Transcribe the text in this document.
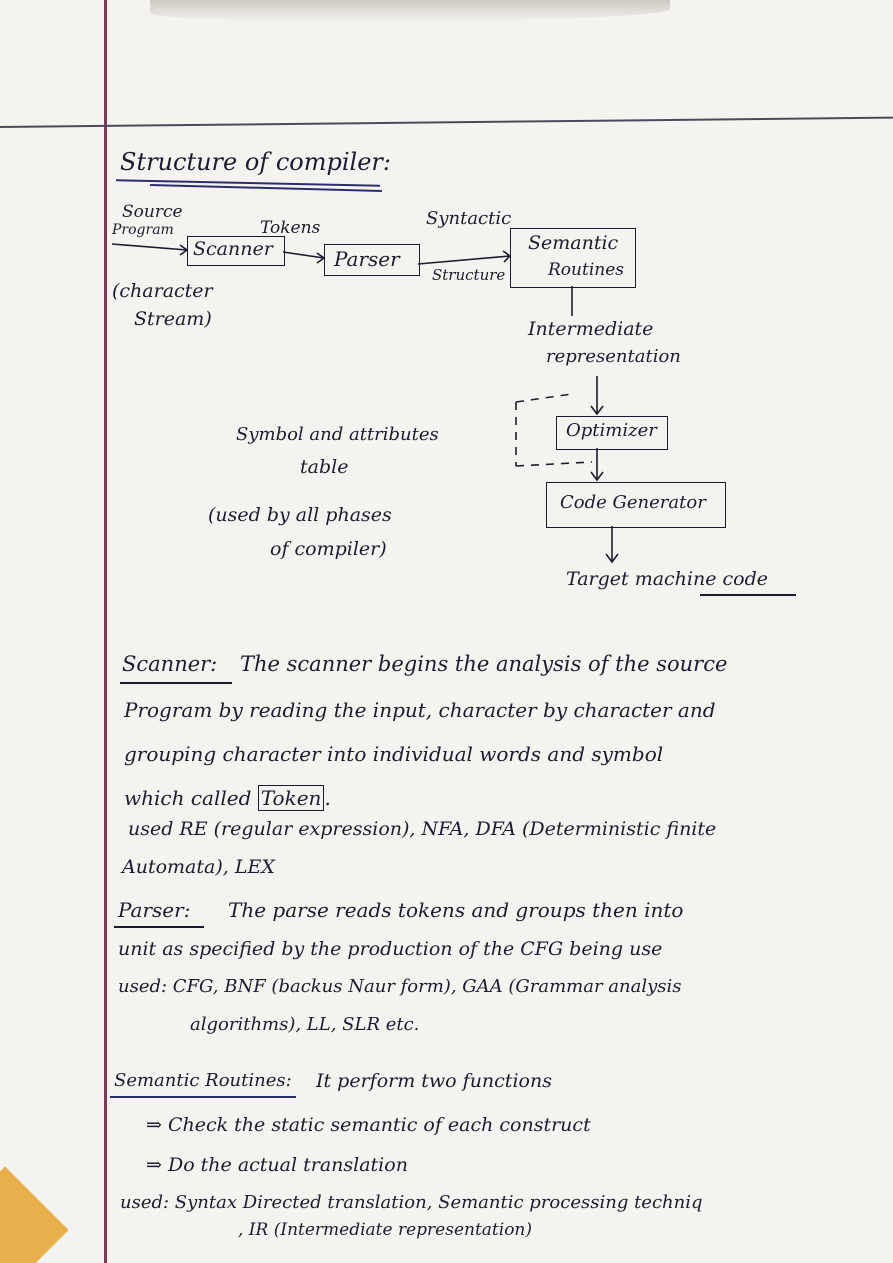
Structure of compiler:
Source
Program
(character
Stream)
Tokens	Syntactic
Structure
Scanner	Parser
Semantic
Routines
Intermediate
representation
Optimizer
Code Generator
Target machine code
Symbol and attributes
table
(used by all phases
of compiler)
Scanner: The scanner begins the analysis of the source
Program by reading the input, character by character and
grouping character into individual words and symbol
which called Token .
used RE (regular expression), NFA, DFA (Deterministic finite
Automata), LEX
Parser: The parse reads tokens and groups then into
unit as specified by the production of the CFG being use
used: CFG, BNF (backus Naur form), GAA (Grammar analysis
algorithms), LL, SLR etc.
Semantic Routines: It perform two functions
⇒ Check the static semantic of each construct
⇒ Do the actual translation
used: Syntax Directed translation, Semantic processing techniq
, IR (Intermediate representation)
